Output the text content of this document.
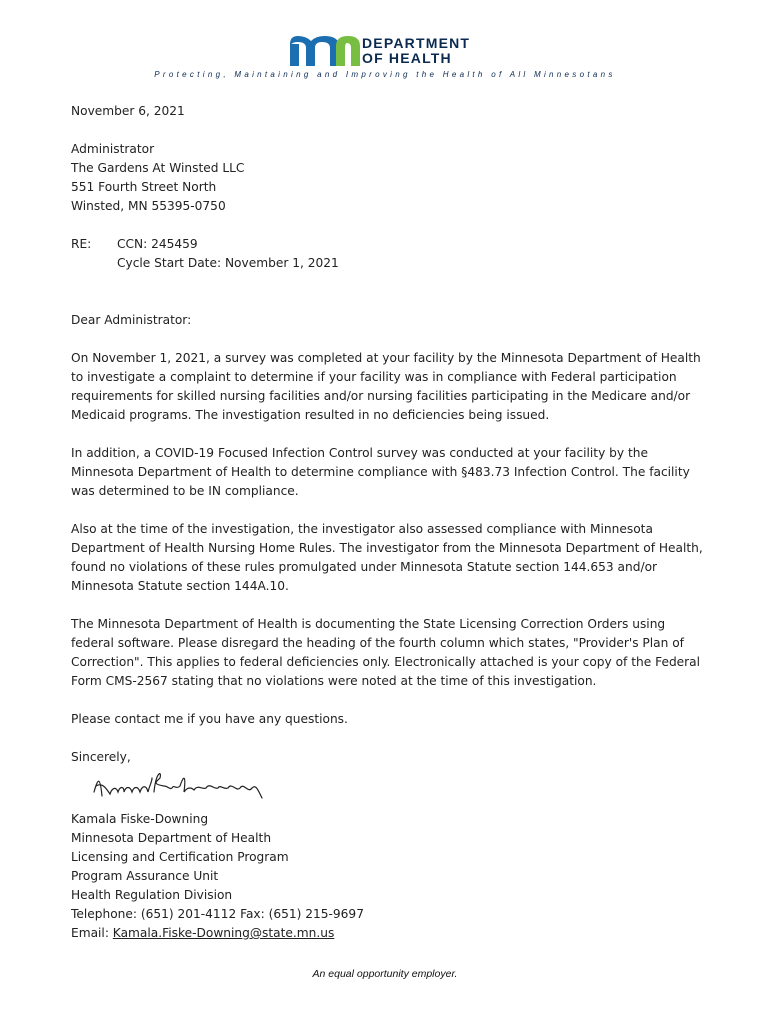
DEPARTMENT
OF HEALTH
Protecting, Maintaining and Improving the Health of All Minnesotans

November 6, 2021

Administrator
The Gardens At Winsted LLC
551 Fourth Street North
Winsted, MN 55395-0750
RE:	CCN: 245459
Cycle Start Date: November 1, 2021

Dear Administrator:

On November 1, 2021, a survey was completed at your facility by the Minnesota Department of Health to investigate a complaint to determine if your facility was in compliance with Federal participation requirements for skilled nursing facilities and/or nursing facilities participating in the Medicare and/or Medicaid programs. The investigation resulted in no deficiencies being issued.

In addition, a COVID-19 Focused Infection Control survey was conducted at your facility by the Minnesota Department of Health to determine compliance with §483.73 Infection Control. The facility was determined to be IN compliance.

Also at the time of the investigation, the investigator also assessed compliance with Minnesota Department of Health Nursing Home Rules. The investigator from the Minnesota Department of Health, found no violations of these rules promulgated under Minnesota Statute section 144.653 and/or Minnesota Statute section 144A.10.

The Minnesota Department of Health is documenting the State Licensing Correction Orders using federal software. Please disregard the heading of the fourth column which states, "Provider's Plan of Correction". This applies to federal deficiencies only. Electronically attached is your copy of the Federal Form CMS-2567 stating that no violations were noted at the time of this investigation.

Please contact me if you have any questions.

Sincerely,

Kamala Fiske-Downing
Minnesota Department of Health
Licensing and Certification Program
Program Assurance Unit
Health Regulation Division
Telephone: (651) 201-4112 Fax: (651) 215-9697
Email: Kamala.Fiske-Downing@state.mn.us
An equal opportunity employer.
